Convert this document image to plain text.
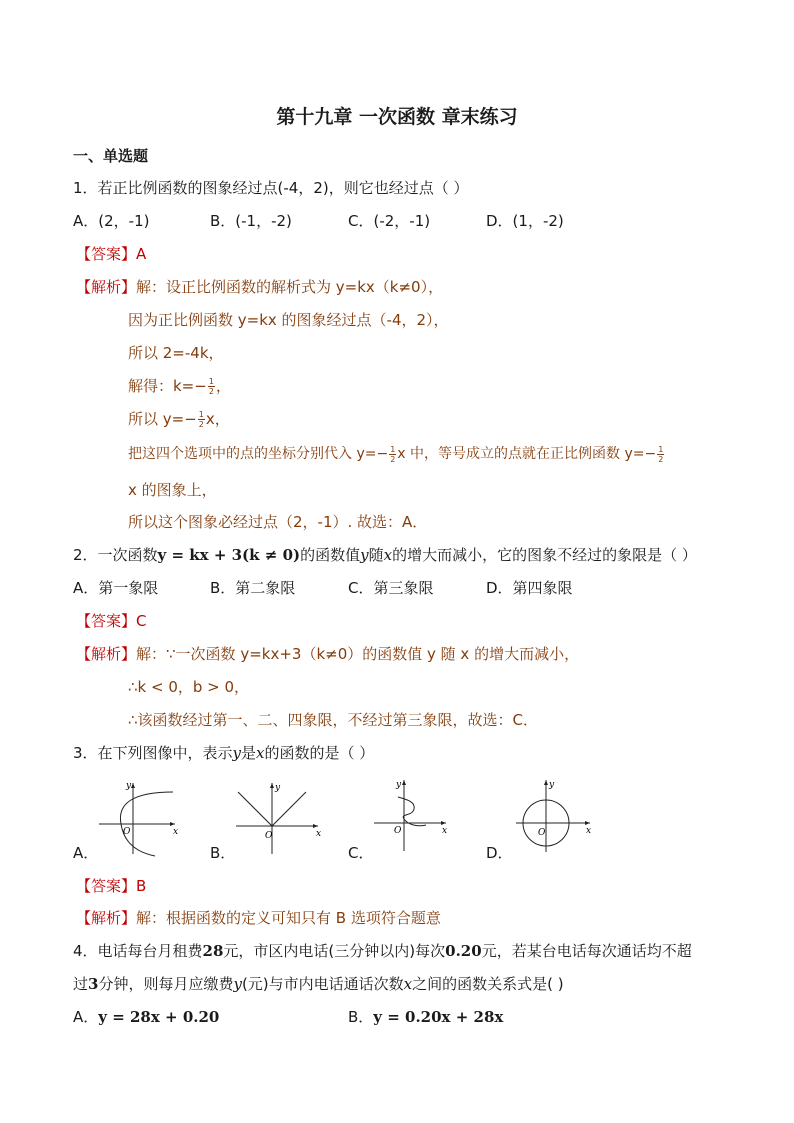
第十九章 一次函数 章末练习
一、单选题
1．若正比例函数的图象经过点(-4，2)，则它也经过点（ ）
A．(2，-1)	B．(-1，-2)	C．(-2，-1)	D．(1，-2)
【答案】A
【解析】解：设正比例函数的解析式为 y=kx（k≠0），
因为正比例函数 y=kx 的图象经过点（-4，2），
所以 2=-4k，
解得：$k=- \frac{1}{2}$ ，
所以 $y=- \frac{1}{2}$ x，
把这四个选项中的点的坐标分别代入 $y=- \frac{1}{2}$ x 中，等号成立的点就在正比例函数 $y=- \frac{1}{2}$
x 的图象上，
所以这个图象必经过点（2，-1）. 故选：A．
2．一次函数y = kx + 3(k ≠ 0)的函数值y随x的增大而减小，它的图象不经过的象限是（ ）
A．第一象限	B．第二象限	C．第三象限	D．第四象限
【答案】C
【解析】解：∵一次函数 y=kx+3（k≠0）的函数值 y 随 x 的增大而减小，
∴k < 0，b > 0，
∴该函数经过第一、二、四象限，不经过第三象限，故选：C．
3．在下列图像中，表示y是x的函数的是（ ）
y
x
O
A．
y
x
O
B．
y
x
O
C．
y
x
O
D．
【答案】B
【解析】解：根据函数的定义可知只有 B 选项符合题意
4．电话每台月租费28元，市区内电话(三分钟以内)每次0.20元，若某台电话每次通话均不超
过3分钟，则每月应缴费y(元)与市内电话通话次数x之间的函数关系式是( )
A．y = 28x + 0.20	B．y = 0.20x + 28x
